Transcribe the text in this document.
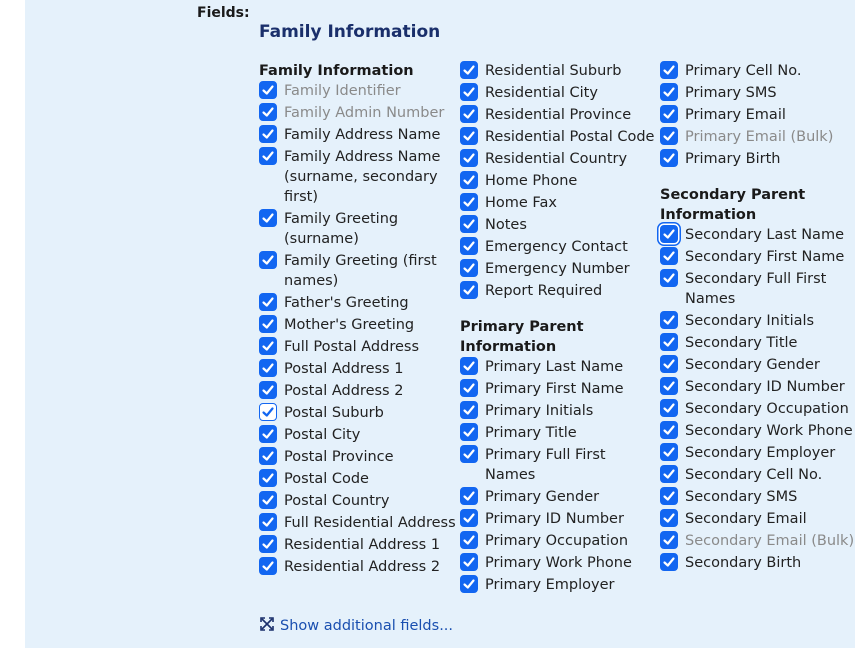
Fields:
Family Information
Family Information
Family Identifier
Family Admin Number
Family Address Name
Family Address Name (surname, secondary first)
Family Greeting (surname)
Family Greeting (first names)
Father's Greeting
Mother's Greeting
Full Postal Address
Postal Address 1
Postal Address 2
Postal Suburb
Postal City
Postal Province
Postal Code
Postal Country
Full Residential Address
Residential Address 1
Residential Address 2
Residential Suburb
Residential City
Residential Province
Residential Postal Code
Residential Country
Home Phone
Home Fax
Notes
Emergency Contact
Emergency Number
Report Required
Primary Parent Information
Primary Last Name
Primary First Name
Primary Initials
Primary Title
Primary Full First Names
Primary Gender
Primary ID Number
Primary Occupation
Primary Work Phone
Primary Employer
Primary Cell No.
Primary SMS
Primary Email
Primary Email (Bulk)
Primary Birth
Secondary Parent Information
Secondary Last Name
Secondary First Name
Secondary Full First Names
Secondary Initials
Secondary Title
Secondary Gender
Secondary ID Number
Secondary Occupation
Secondary Work Phone
Secondary Employer
Secondary Cell No.
Secondary SMS
Secondary Email
Secondary Email (Bulk)
Secondary Birth
Show additional fields...
